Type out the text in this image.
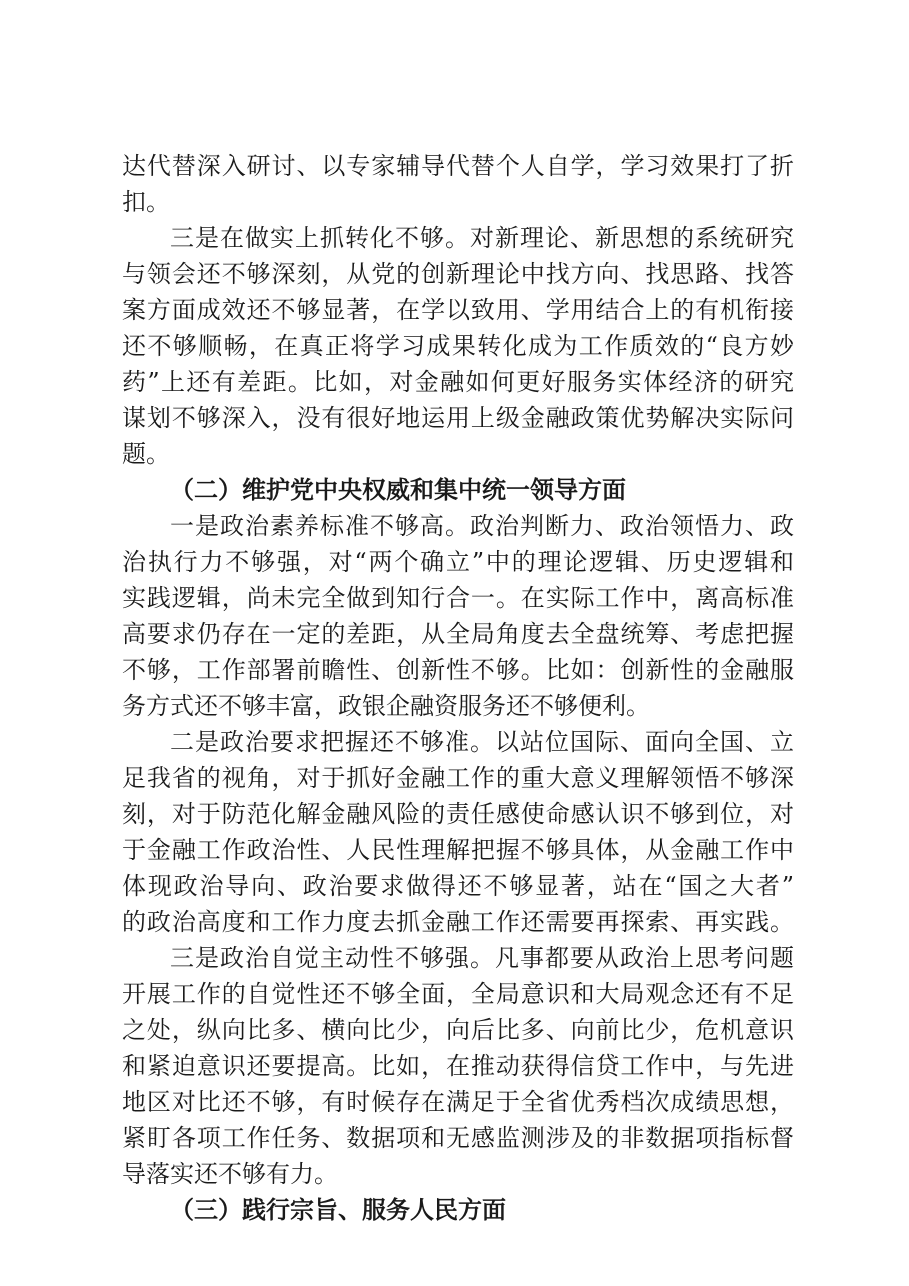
达代替深入研讨、以专家辅导代替个人自学，学习效果打了折
扣。
三是在做实上抓转化不够。对新理论、新思想的系统研究
与领会还不够深刻，从党的创新理论中找方向、找思路、找答
案方面成效还不够显著，在学以致用、学用结合上的有机衔接
还不够顺畅，在真正将学习成果转化成为工作质效的“良方妙
药”上还有差距。比如，对金融如何更好服务实体经济的研究
谋划不够深入，没有很好地运用上级金融政策优势解决实际问
题。
（二）维护党中央权威和集中统一领导方面
一是政治素养标准不够高。政治判断力、政治领悟力、政
治执行力不够强，对“两个确立”中的理论逻辑、历史逻辑和
实践逻辑，尚未完全做到知行合一。在实际工作中，离高标准
高要求仍存在一定的差距，从全局角度去全盘统筹、考虑把握
不够，工作部署前瞻性、创新性不够。比如：创新性的金融服
务方式还不够丰富，政银企融资服务还不够便利。
二是政治要求把握还不够准。以站位国际、面向全国、立
足我省的视角，对于抓好金融工作的重大意义理解领悟不够深
刻，对于防范化解金融风险的责任感使命感认识不够到位，对
于金融工作政治性、人民性理解把握不够具体，从金融工作中
体现政治导向、政治要求做得还不够显著，站在“国之大者”
的政治高度和工作力度去抓金融工作还需要再探索、再实践。
三是政治自觉主动性不够强。凡事都要从政治上思考问题
开展工作的自觉性还不够全面，全局意识和大局观念还有不足
之处，纵向比多、横向比少，向后比多、向前比少，危机意识
和紧迫意识还要提高。比如，在推动获得信贷工作中，与先进
地区对比还不够，有时候存在满足于全省优秀档次成绩思想，
紧盯各项工作任务、数据项和无感监测涉及的非数据项指标督
导落实还不够有力。
（三）践行宗旨、服务人民方面
